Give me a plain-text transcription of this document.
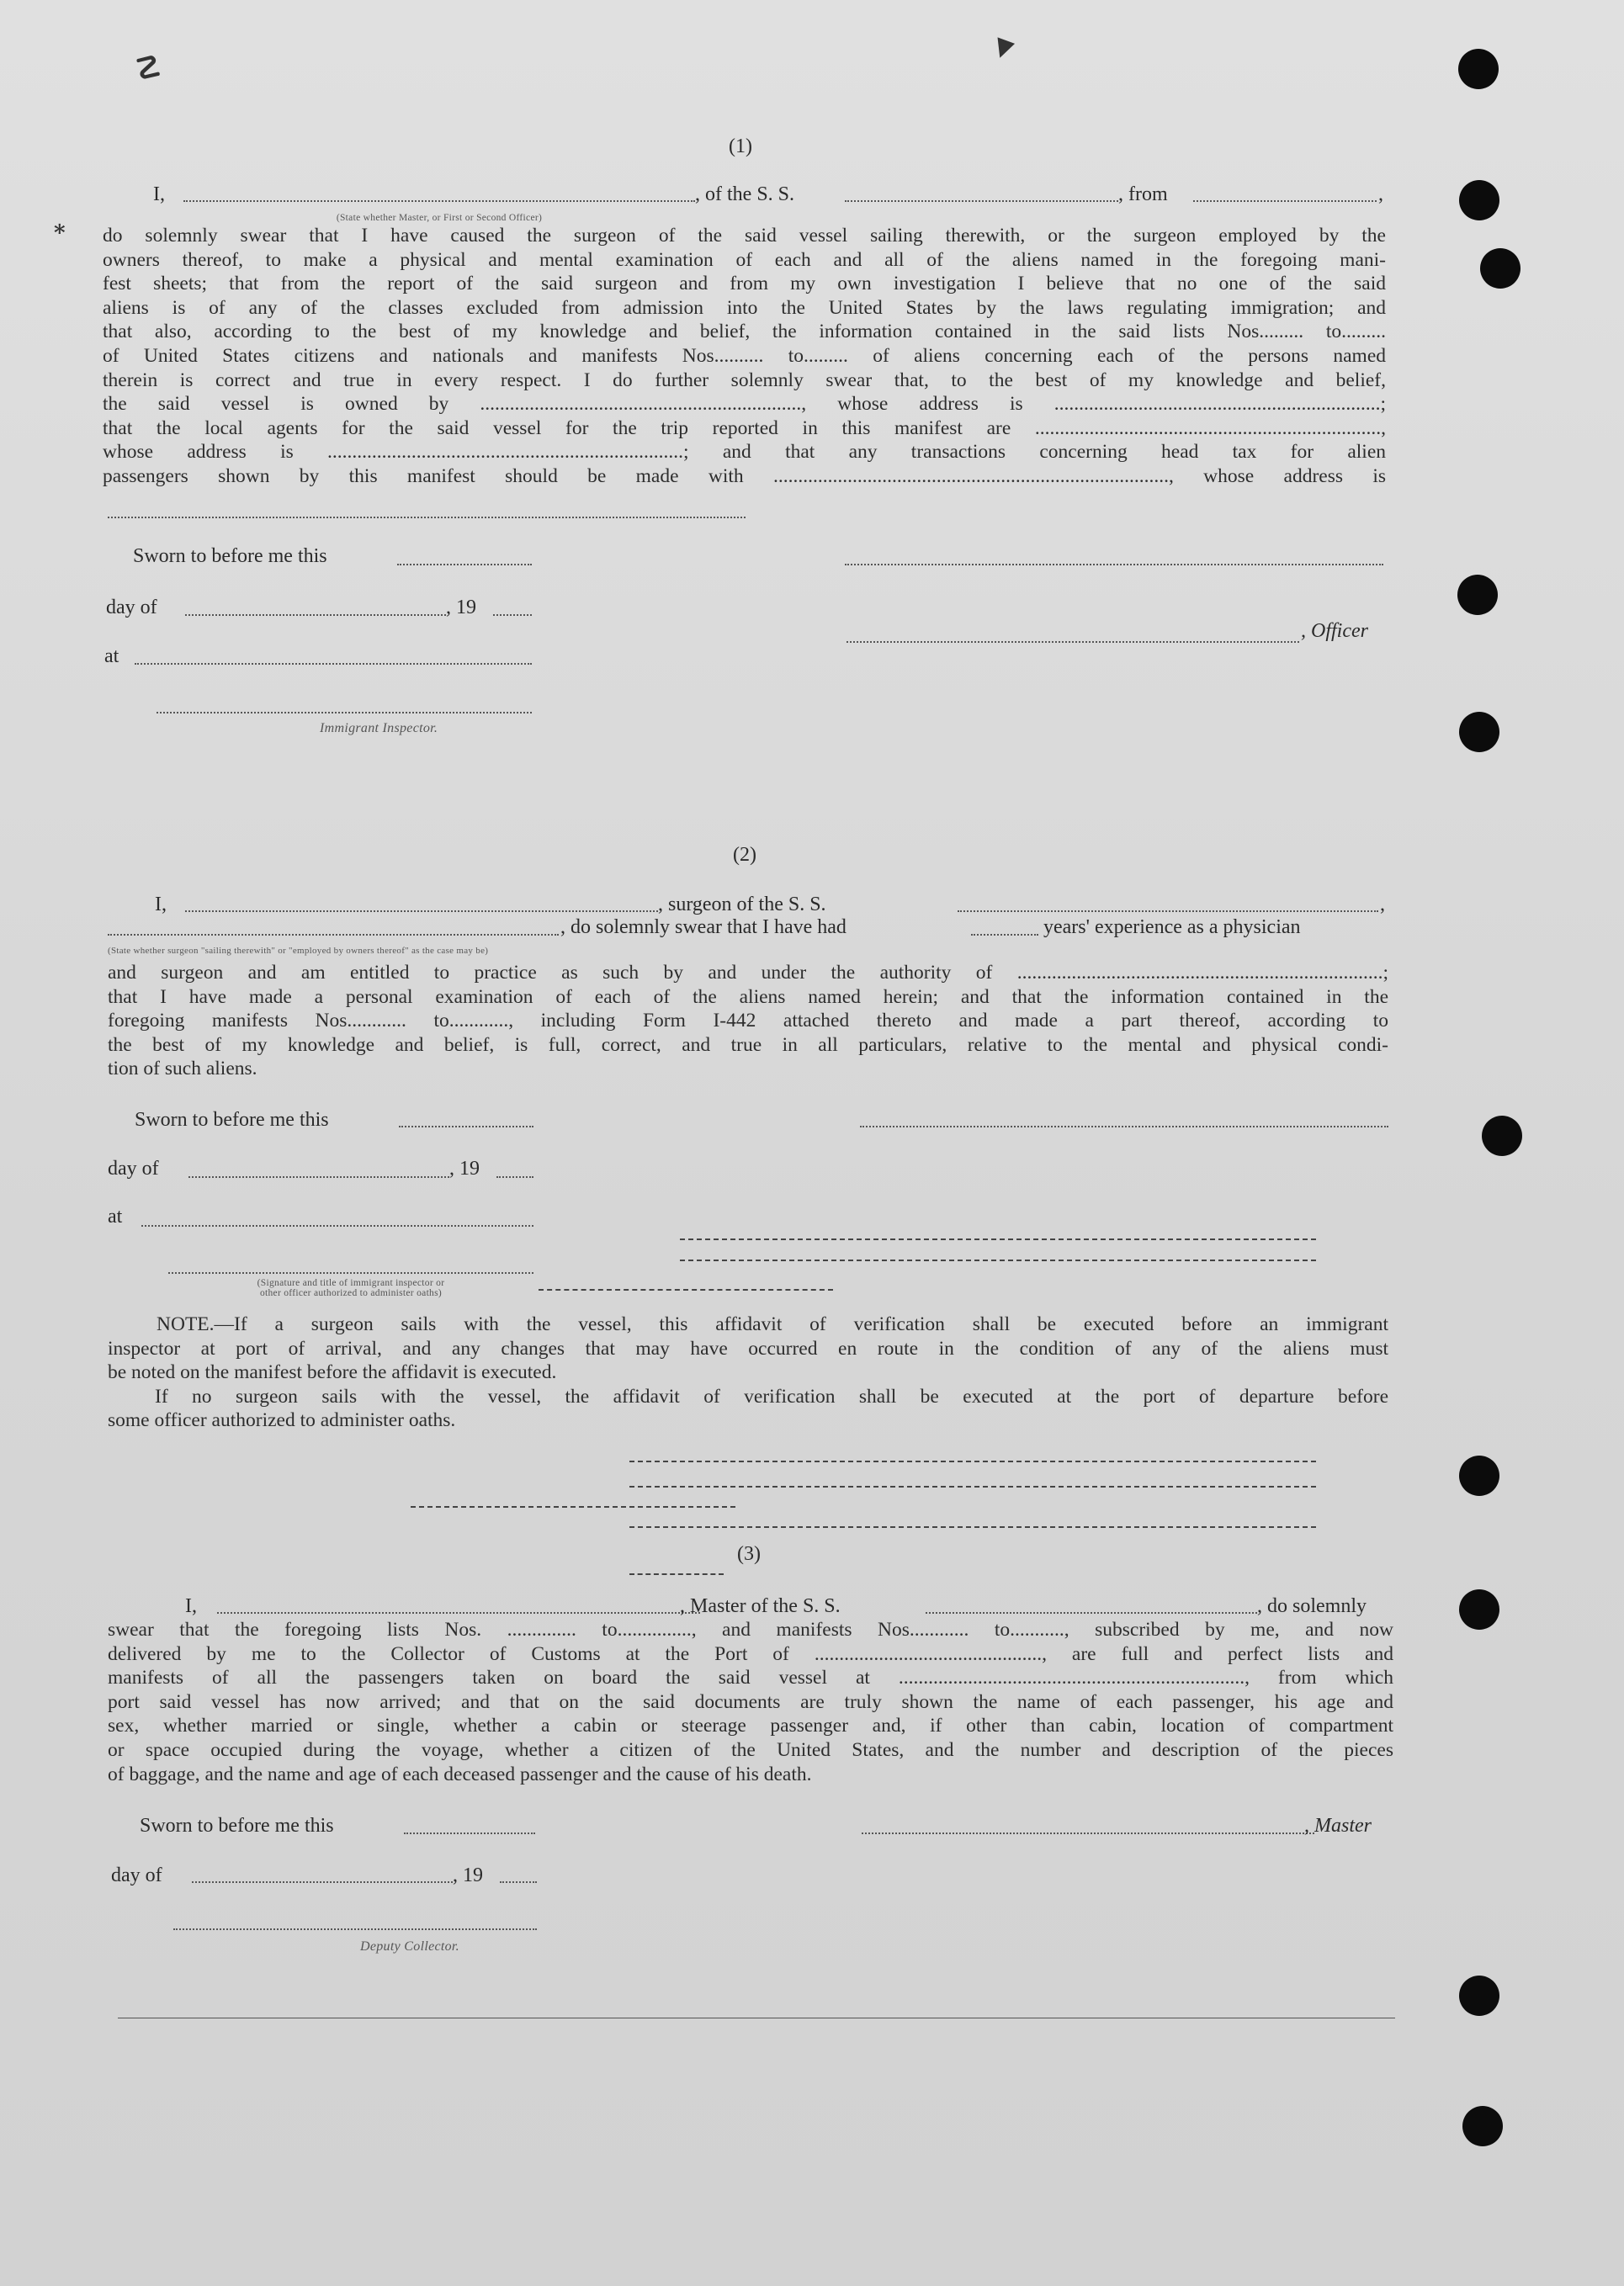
☡	▾
⁎
(1)
I,	, of the S. S.	, from	,
(State whether Master, or First or Second Officer)
do solemnly swear that I have caused the surgeon of the said vessel sailing therewith, or the surgeon employed by the
owners thereof, to make a physical and mental examination of each and all of the aliens named in the foregoing mani-
fest sheets; that from the report of the said surgeon and from my own investigation I believe that no one of the said
aliens is of any of the classes excluded from admission into the United States by the laws regulating immigration; and
that also, according to the best of my knowledge and belief, the information contained in the said lists Nos......... to.........
of United States citizens and nationals and manifests Nos.......... to......... of aliens concerning each of the persons named
therein is correct and true in every respect. I do further solemnly swear that, to the best of my knowledge and belief,
the said vessel is owned by ................................................................., whose address is ..................................................................;
that the local agents for the said vessel for the trip reported in this manifest are ......................................................................,
whose address is ........................................................................; and that any transactions concerning head tax for alien
passengers shown by this manifest should be made with ................................................................................, whose address is
Sworn to before me this
day of	, 19
, Officer
at
Immigrant Inspector.
(2)
I,	, surgeon of the S. S.	,
, do solemnly swear that I have had	years' experience as a physician
(State whether surgeon "sailing therewith" or "employed by owners thereof" as the case may be)
and surgeon and am entitled to practice as such by and under the authority of ..........................................................................;
that I have made a personal examination of each of the aliens named herein; and that the information contained in the
foregoing manifests Nos............ to............, including Form I-442 attached thereto and made a part thereof, according to
the best of my knowledge and belief, is full, correct, and true in all particulars, relative to the mental and physical condi-
tion of such aliens.
Sworn to before me this
day of	, 19
at
(Signature and title of immigrant inspector or
other officer authorized to administer oaths)
NOTE.—If a surgeon sails with the vessel, this affidavit of verification shall be executed before an immigrant
inspector at port of arrival, and any changes that may have occurred en route in the condition of any of the aliens must
be noted on the manifest before the affidavit is executed.
If no surgeon sails with the vessel, the affidavit of verification shall be executed at the port of departure before
some officer authorized to administer oaths.
(3)
I,	, Master of the S. S.	, do solemnly
swear that the foregoing lists Nos. .............. to..............., and manifests Nos............ to..........., subscribed by me, and now
delivered by me to the Collector of Customs at the Port of .............................................., are full and perfect lists and
manifests of all the passengers taken on board the said vessel at ......................................................................, from which
port said vessel has now arrived; and that on the said documents are truly shown the name of each passenger, his age and
sex, whether married or single, whether a cabin or steerage passenger and, if other than cabin, location of compartment
or space occupied during the voyage, whether a citizen of the United States, and the number and description of the pieces
of baggage, and the name and age of each deceased passenger and the cause of his death.
Sworn to before me this	, Master
day of	, 19
Deputy Collector.
